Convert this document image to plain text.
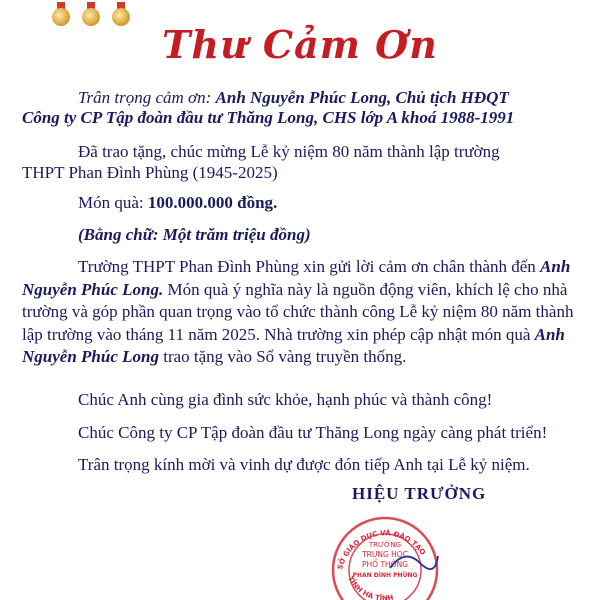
Thư Cảm Ơn
Trân trọng cảm ơn: Anh Nguyễn Phúc Long, Chủ tịch HĐQT
Công ty CP Tập đoàn đầu tư Thăng Long, CHS lớp A khoá 1988-1991
Đã trao tặng, chúc mừng Lễ kỷ niệm 80 năm thành lập trường
THPT Phan Đình Phùng (1945-2025)
Món quà: 100.000.000 đồng.
(Bằng chữ: Một trăm triệu đồng)
Trường THPT Phan Đình Phùng xin gửi lời cảm ơn chân thành đến Anh Nguyễn Phúc Long. Món quà ý nghĩa này là nguồn động viên, khích lệ cho nhà trường và góp phần quan trọng vào tổ chức thành công Lễ kỷ niệm 80 năm thành lập trường vào tháng 11 năm 2025. Nhà trường xin phép cập nhật món quà Anh Nguyễn Phúc Long trao tặng vào Sổ vàng truyền thống.
Chúc Anh cùng gia đình sức khỏe, hạnh phúc và thành công!
Chúc Công ty CP Tập đoàn đầu tư Thăng Long ngày càng phát triển!
Trân trọng kính mời và vinh dự được đón tiếp Anh tại Lễ kỷ niệm.
SỞ GIÁO DỤC VÀ ĐÀO TẠO
TỈNH HÀ TĨNH
TRƯỜNG
TRUNG HỌC
PHỔ THÔNG
PHAN ĐÌNH PHÙNG
HIỆU TRƯỞNG
